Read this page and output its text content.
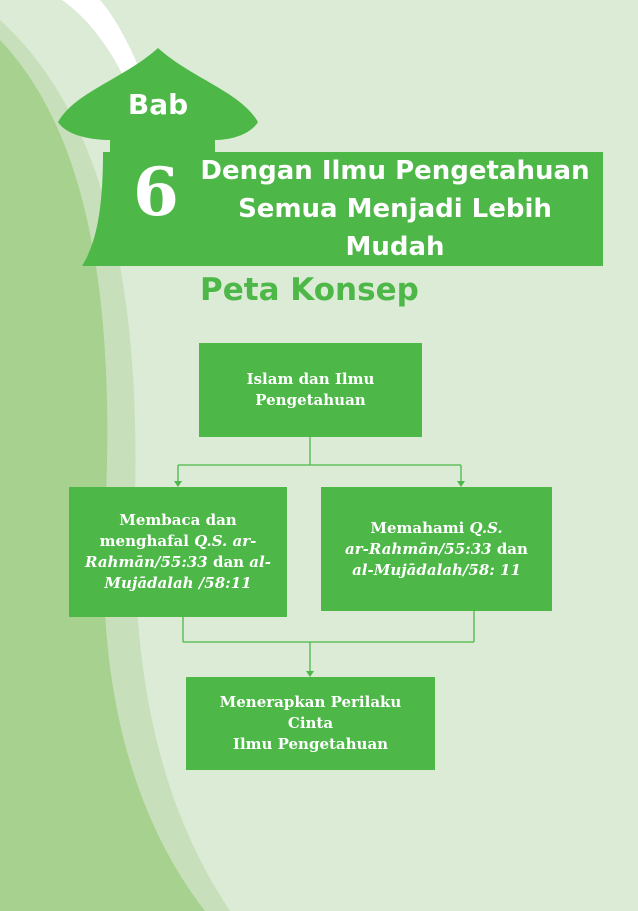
Bab
6 Dengan Ilmu Pengetahuan
Semua Menjadi Lebih
Mudah
Peta Konsep
Islam dan Ilmu
Pengetahuan
Membaca dan
menghafal Q.S. ar-
Rahmān/55:33 dan al-
Mujādalah /58:11
Memahami Q.S.
ar-Rahmān/55:33 dan
al-Mujādalah/58: 11
Menerapkan Perilaku Cinta
Ilmu Pengetahuan
